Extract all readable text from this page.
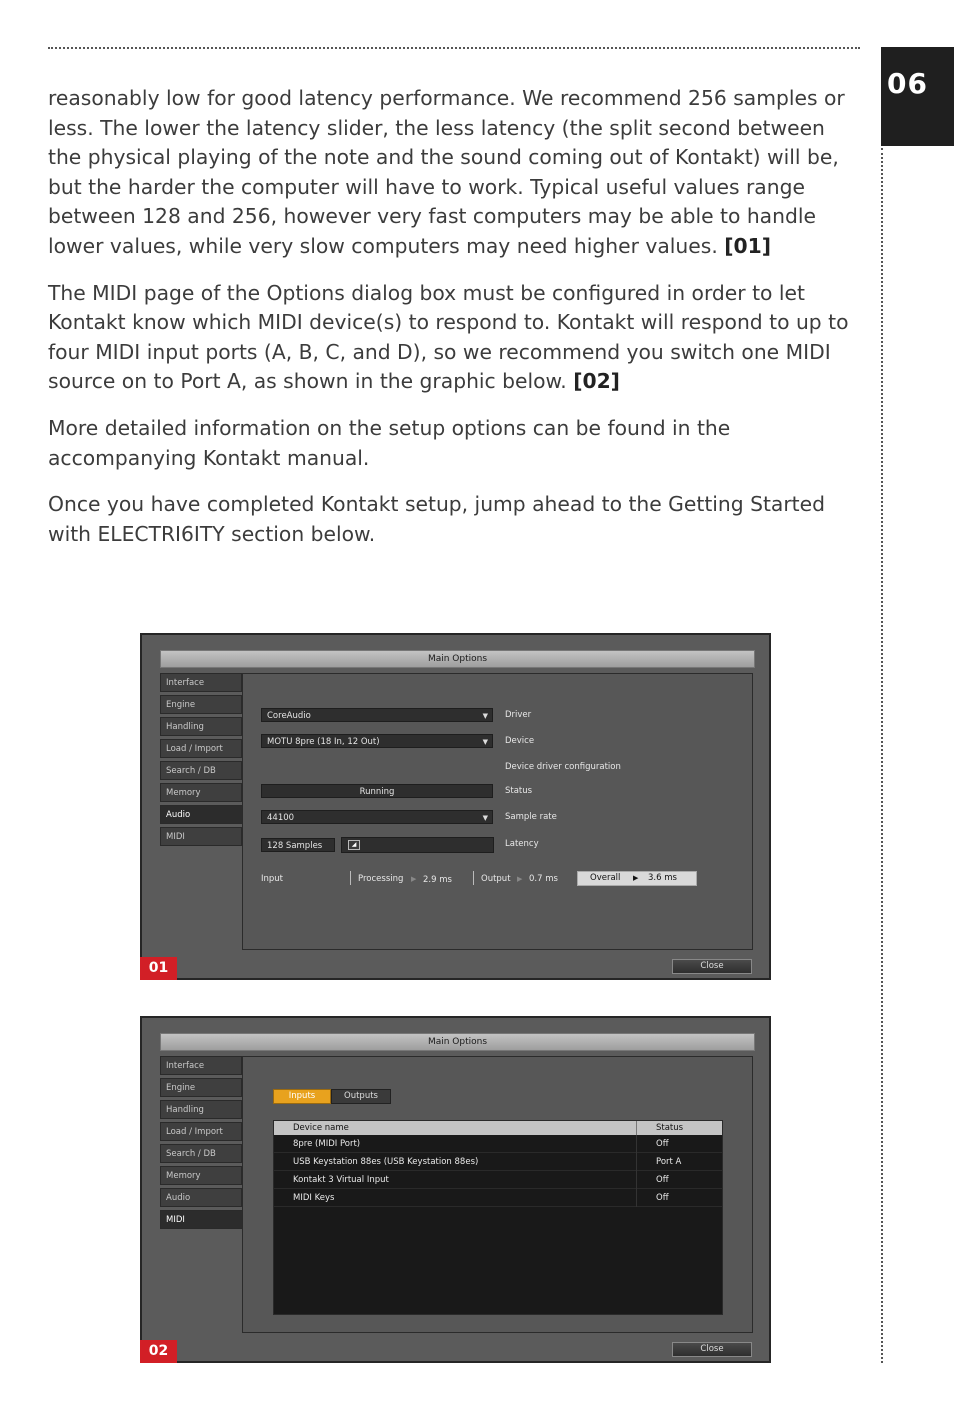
06

reasonably low for good latency performance. We recommend 256 samples or less. The lower the latency slider, the less latency (the split second between the physical playing of the note and the sound coming out of Kontakt) will be, but the harder the computer will have to work. Typical useful values range between 128 and 256, however very fast computers may be able to handle lower values, while very slow computers may need higher values. [01]

The MIDI page of the Options dialog box must be configured in order to let Kontakt know which MIDI device(s) to respond to. Kontakt will respond to up to four MIDI input ports (A, B, C, and D), so we recommend you switch one MIDI source on to Port A, as shown in the graphic below. [02]

More detailed information on the setup options can be found in the accompanying Kontakt manual.

Once you have completed Kontakt setup, jump ahead to the Getting Started with ELECTRI6ITY section below.

Main Options
Interface
Engine
Handling
Load / Import
Search / DB
Memory
Audio
MIDI
CoreAudio	▼ Driver
MOTU 8pre (18 In, 12 Out)	▼ Device
Device driver configuration
Running	Status
44100	▼ Sample rate
128 Samples	◢	Latency
Input	Processing ▶ 2.9 ms	Output ▶ 0.7 ms	Overall ▶ 3.6 ms
Close
01
Main Options
Interface
Engine
Handling
Load / Import
Search / DB
Memory
Audio
MIDI
Inputs	Outputs
Device name	Status
8pre (MIDI Port)	Off
USB Keystation 88es (USB Keystation 88es)	Port A
Kontakt 3 Virtual Input	Off
MIDI Keys	Off
Close
02
